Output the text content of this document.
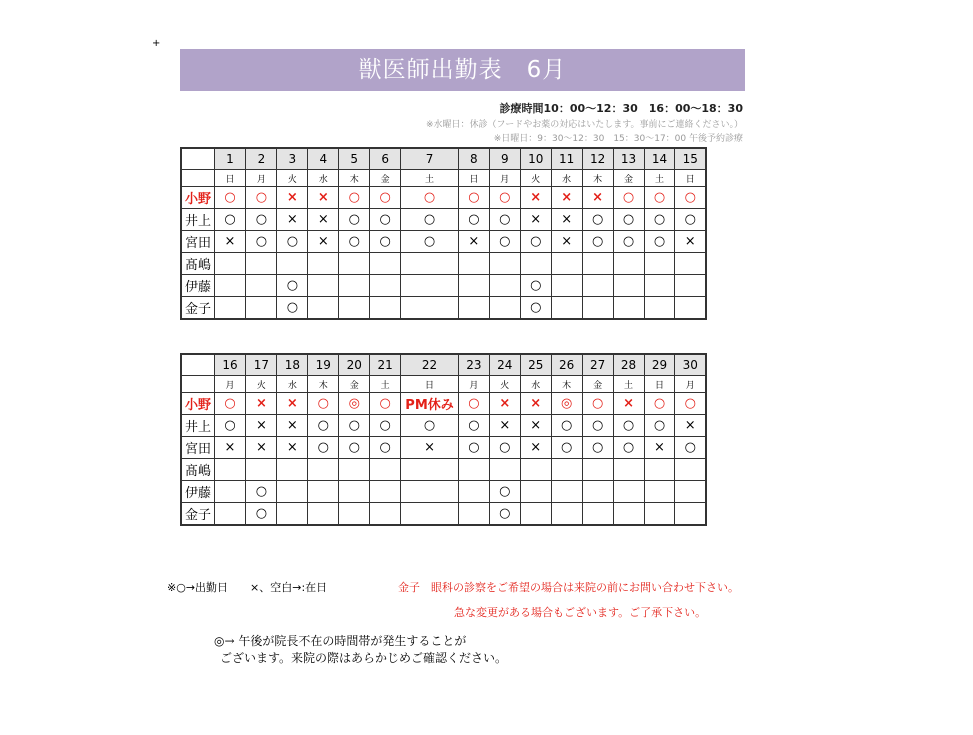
+
獣医師出勤表　6月
診療時間10：00〜12：30　16：00〜18：30
※水曜日：休診（フードやお薬の対応はいたします。事前にご連絡ください。）
※日曜日：9：30〜12：30　15：30〜17：00 午後予約診療
	1	2	3	4	5	6	7	8	9	10	11	12	13	14	15
	日	月	火	水	木	金	土	日	月	火	水	木	金	土	日
小野	○	○	×	×	○	○	○	○	○	×	×	×	○	○	○
井上	○	○	×	×	○	○	○	○	○	×	×	○	○	○	○
宮田	×	○	○	×	○	○	○	×	○	○	×	○	○	○	×
髙嶋															
伊藤			○							○					
金子			○							○					
	16	17	18	19	20	21	22	23	24	25	26	27	28	29	30
	月	火	水	木	金	土	日	月	火	水	木	金	土	日	月
小野	○	×	×	○	◎	○	PM休み	○	×	×	◎	○	×	○	○
井上	○	×	×	○	○	○	○	○	×	×	○	○	○	○	×
宮田	×	×	×	○	○	○	×	○	○	×	○	○	○	×	○
髙嶋															
伊藤		○							○						
金子		○							○						
※○→出勤日　　×、空白→:在日	金子　眼科の診察をご希望の場合は来院の前にお問い合わせ下さい。
急な変更がある場合もございます。ご了承下さい。
◎→ 午後が院長不在の時間帯が発生することが
ございます。来院の際はあらかじめご確認ください。
